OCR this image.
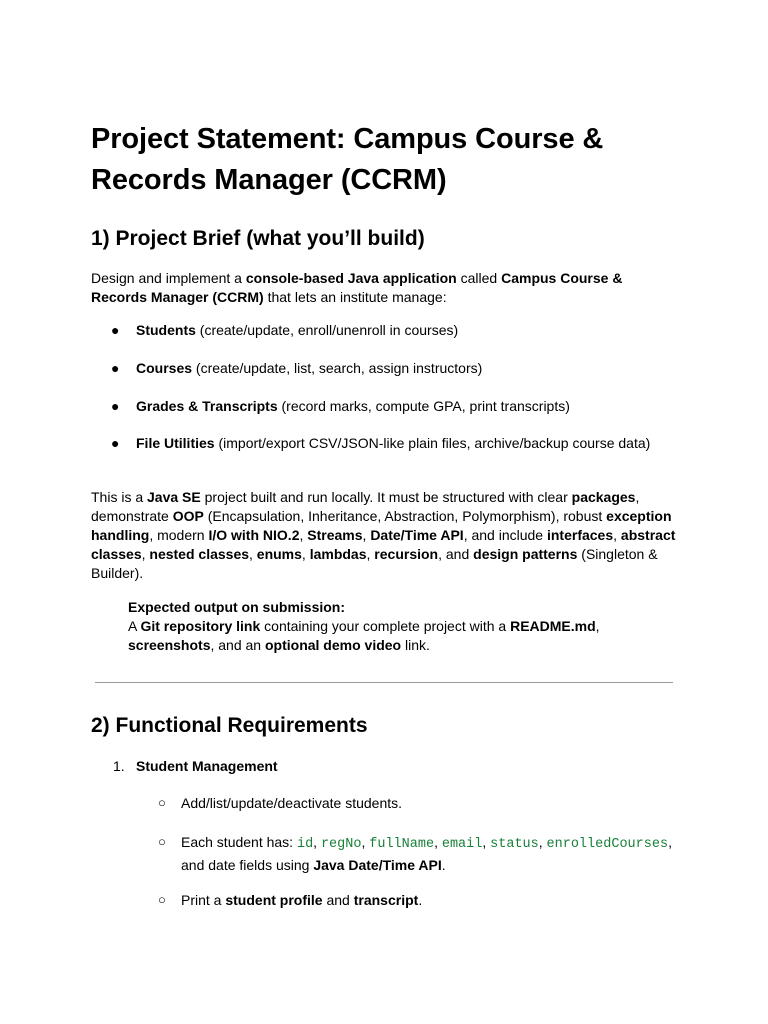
Project Statement: Campus Course & Records Manager (CCRM)
1) Project Brief (what you’ll build)

Design and implement a console-based Java application called Campus Course & Records Manager (CCRM) that lets an institute manage:

● Students (create/update, enroll/unenroll in courses)
● Courses (create/update, list, search, assign instructors)
● Grades & Transcripts (record marks, compute GPA, print transcripts)
● File Utilities (import/export CSV/JSON-like plain files, archive/backup course data)

This is a Java SE project built and run locally. It must be structured with clear packages, demonstrate OOP (Encapsulation, Inheritance, Abstraction, Polymorphism), robust exception handling, modern I/O with NIO.2, Streams, Date/Time API, and include interfaces, abstract classes, nested classes, enums, lambdas, recursion, and design patterns (Singleton & Builder).

Expected output on submission:
A Git repository link containing your complete project with a README.md, screenshots, and an optional demo video link.
2) Functional Requirements
1. Student Management
○ Add/list/update/deactivate students.
○ Each student has: id, regNo, fullName, email, status, enrolledCourses, and date fields using Java Date/Time API.
○ Print a student profile and transcript.
